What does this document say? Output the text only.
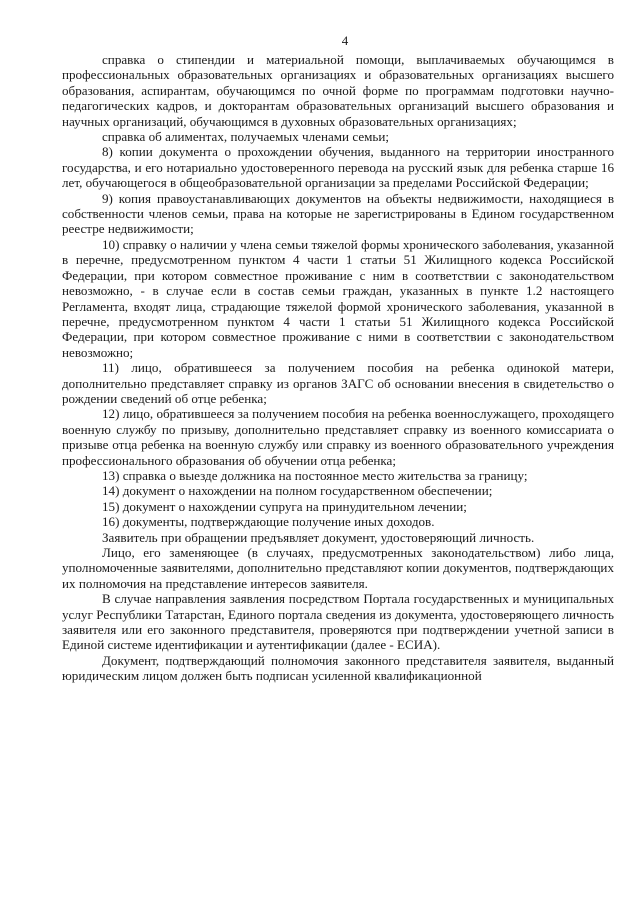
4

справка о стипендии и материальной помощи, выплачиваемых обучающимся в профессиональных образовательных организациях и образовательных организациях высшего образования, аспирантам, обучающимся по очной форме по программам подготовки научно-педагогических кадров, и докторантам образовательных организаций высшего образования и научных организаций, обучающимся в духовных образовательных организациях;

справка об алиментах, получаемых членами семьи;

8) копии документа о прохождении обучения, выданного на территории иностранного государства, и его нотариально удостоверенного перевода на русский язык для ребенка старше 16 лет, обучающегося в общеобразовательной организации за пределами Российской Федерации;

9) копия правоустанавливающих документов на объекты недвижимости, находящиеся в собственности членов семьи, права на которые не зарегистрированы в Едином государственном реестре недвижимости;

10) справку о наличии у члена семьи тяжелой формы хронического заболевания, указанной в перечне, предусмотренном пунктом 4 части 1 статьи 51 Жилищного кодекса Российской Федерации, при котором совместное проживание с ним в соответствии с законодательством невозможно, - в случае если в состав семьи граждан, указанных в пункте 1.2 настоящего Регламента, входят лица, страдающие тяжелой формой хронического заболевания, указанной в перечне, предусмотренном пунктом 4 части 1 статьи 51 Жилищного кодекса Российской Федерации, при котором совместное проживание с ними в соответствии с законодательством невозможно;

11) лицо, обратившееся за получением пособия на ребенка одинокой матери, дополнительно представляет справку из органов ЗАГС об основании внесения в свидетельство о рождении сведений об отце ребенка;

12) лицо, обратившееся за получением пособия на ребенка военнослужащего, проходящего военную службу по призыву, дополнительно представляет справку из военного комиссариата о призыве отца ребенка на военную службу или справку из военного образовательного учреждения профессионального образования об обучении отца ребенка;

13) справка о выезде должника на постоянное место жительства за границу;

14) документ о нахождении на полном государственном обеспечении;

15) документ о нахождении супруга на принудительном лечении;

16) документы, подтверждающие получение иных доходов.

Заявитель при обращении предъявляет документ, удостоверяющий личность.

Лицо, его заменяющее (в случаях, предусмотренных законодательством) либо лица, уполномоченные заявителями, дополнительно представляют копии документов, подтверждающих их полномочия на представление интересов заявителя.

В случае направления заявления посредством Портала государственных и муниципальных услуг Республики Татарстан, Единого портала сведения из документа, удостоверяющего личность заявителя или его законного представителя, проверяются при подтверждении учетной записи в Единой системе идентификации и аутентификации (далее - ЕСИА).

Документ, подтверждающий полномочия законного представителя заявителя, выданный юридическим лицом должен быть подписан усиленной квалификационной
